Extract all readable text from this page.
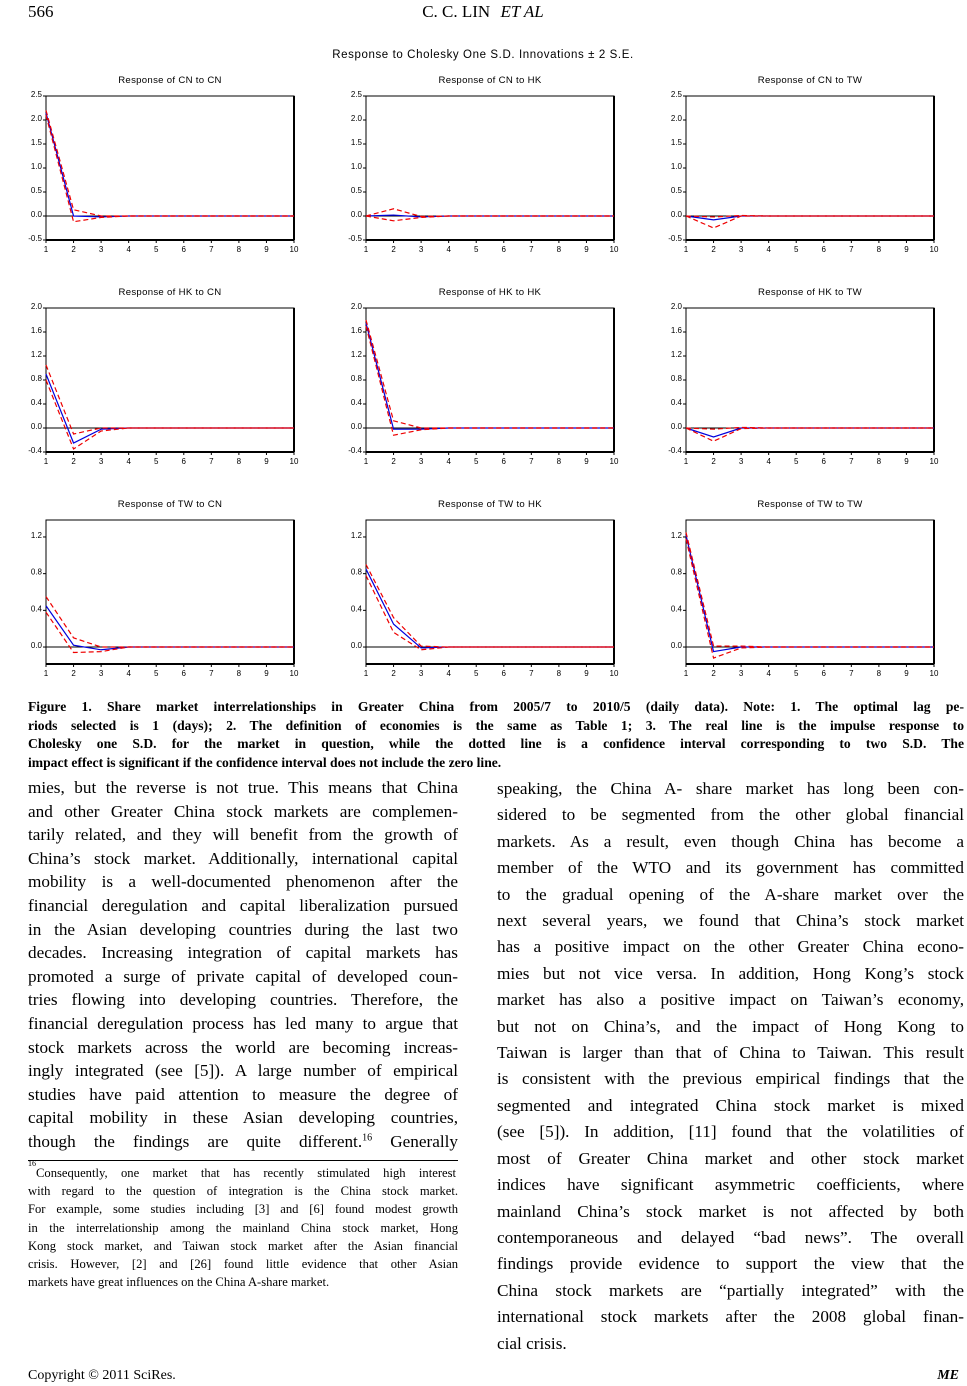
566	C. C. LIN ET AL
Response to Cholesky One S.D. Innovations ± 2 S.E.
Response of CN to CN
2.5
2.0
1.5
1.0
0.5
0.0
-0.5
1	2	3	4	5	6	7	8	9	10
Response of CN to HK
2.5
2.0
1.5
1.0
0.5
0.0
-0.5
1	2	3	4	5	6	7	8	9	10
Response of CN to TW
2.5
2.0
1.5
1.0
0.5
0.0
-0.5
1	2	3	4	5	6	7	8	9	10
Response of HK to CN
2.0
1.6
1.2
0.8
0.4
0.0
-0.4
1	2	3	4	5	6	7	8	9	10
Response of HK to HK
2.0
1.6
1.2
0.8
0.4
0.0
-0.4
1	2	3	4	5	6	7	8	9	10
Response of HK to TW
2.0
1.6
1.2
0.8
0.4
0.0
-0.4
1	2	3	4	5	6	7	8	9	10
Response of TW to CN
1.2
0.8
0.4
0.0
1	2	3	4	5	6	7	8	9	10
Response of TW to HK
1.2
0.8
0.4
0.0
1	2	3	4	5	6	7	8	9	10
Response of TW to TW
1.2
0.8
0.4
0.0
1	2	3	4	5	6	7	8	9	10
Figure 1. Share market interrelationships in Greater China from 2005/7 to 2010/5 (daily data). Note: 1. The optimal lag pe-
riods selected is 1 (days); 2. The definition of economies is the same as Table 1; 3. The real line is the impulse response to
Cholesky one S.D. for the market in question, while the dotted line is a confidence interval corresponding to two S.D. The
impact effect is significant if the confidence interval does not include the zero line.
mies, but the reverse is not true. This means that China
and other Greater China stock markets are complemen-
tarily related, and they will benefit from the growth of
China’s stock market. Additionally, international capital
mobility is a well-documented phenomenon after the
financial deregulation and capital liberalization pursued
in the Asian developing countries during the last two
decades. Increasing integration of capital markets has
promoted a surge of private capital of developed coun-
tries flowing into developing countries. Therefore, the
financial deregulation process has led many to argue that
stock markets across the world are becoming increas-
ingly integrated (see [5]). A large number of empirical
studies have paid attention to measure the degree of
capital mobility in these Asian developing countries,
though the findings are quite different.$^{16}$ Generally
$^{16}$Consequently, one market that has recently stimulated high interest
with regard to the question of integration is the China stock market.
For example, some studies including [3] and [6] found modest growth
in the interrelationship among the mainland China stock market, Hong
Kong stock market, and Taiwan stock market after the Asian financial
crisis. However, [2] and [26] found little evidence that other Asian
markets have great influences on the China A-share market.
speaking, the China A- share market has long been con-
sidered to be segmented from the other global financial
markets. As a result, even though China has become a
member of the WTO and its government has committed
to the gradual opening of the A-share market over the
next several years, we found that China’s stock market
has a positive impact on the other Greater China econo-
mies but not vice versa. In addition, Hong Kong’s stock
market has also a positive impact on Taiwan’s economy,
but not on China’s, and the impact of Hong Kong to
Taiwan is larger than that of China to Taiwan. This result
is consistent with the previous empirical findings that the
segmented and integrated China stock market is mixed
(see [5]). In addition, [11] found that the volatilities of
most of Greater China market and other stock market
indices have significant asymmetric coefficients, where
mainland China’s stock market is not affected by both
contemporaneous and delayed “bad news”. The overall
findings provide evidence to support the view that the
China stock markets are “partially integrated” with the
international stock markets after the 2008 global finan-
cial crisis.
Copyright © 2011 SciRes.	ME
